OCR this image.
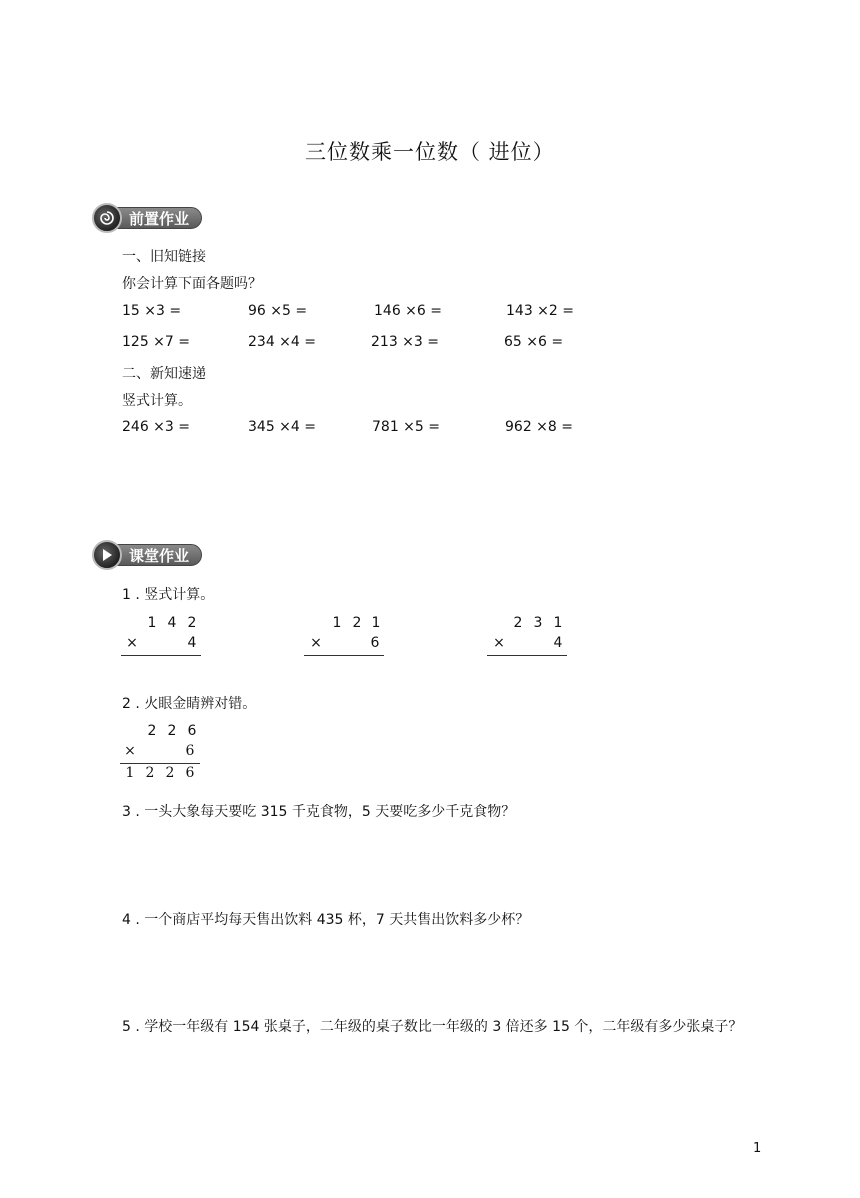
三位数乘一位数（ 进位）
前置作业
一、旧知链接
你会计算下面各题吗？
15 ×3 =	96 ×5 =	146 ×6 =	143 ×2 =
125 ×7 =	234 ×4 =	213 ×3 =	65 ×6 =
二、新知速递
竖式计算。
246 ×3 =	345 ×4 =	781 ×5 =	962 ×8 =
课堂作业
1 . 竖式计算。
1 4 2
×	4
1 2 1
×	6
2 3 1
×	4
2 . 火眼金睛辨对错。
2 2 6
×	6
1 2 2 6
3 . 一头大象每天要吃 315 千克食物，5 天要吃多少千克食物？
4 . 一个商店平均每天售出饮料 435 杯，7 天共售出饮料多少杯？
5 . 学校一年级有 154 张桌子，二年级的桌子数比一年级的 3 倍还多 15 个，二年级有多少张桌子？
1
